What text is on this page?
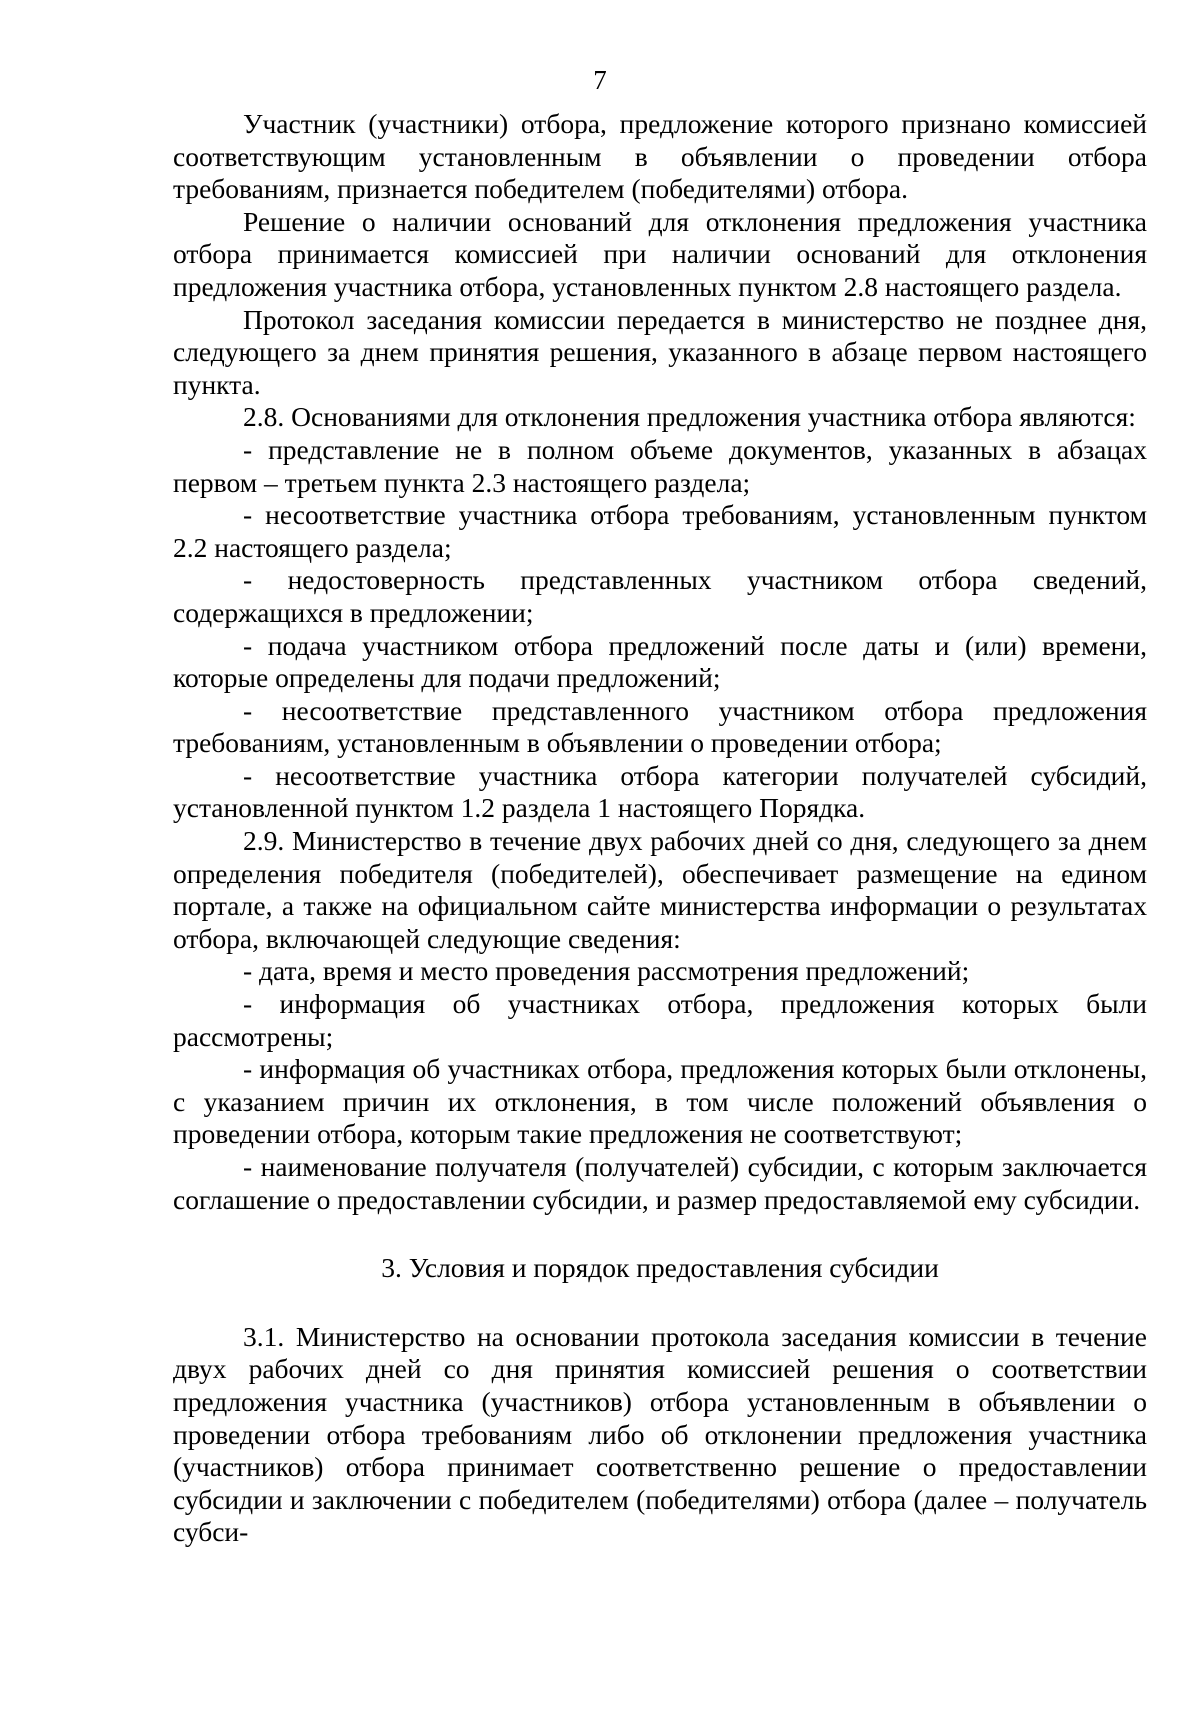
7

Участник (участники) отбора, предложение которого признано комиссией соответствующим установленным в объявлении о проведении отбора требованиям, признается победителем (победителями) отбора.

Решение о наличии оснований для отклонения предложения участника отбора принимается комиссией при наличии оснований для отклонения предложения участника отбора, установленных пунктом 2.8 настоящего раздела.

Протокол заседания комиссии передается в министерство не позднее дня, следующего за днем принятия решения, указанного в абзаце первом настоящего пункта.

2.8. Основаниями для отклонения предложения участника отбора являются:

- представление не в полном объеме документов, указанных в абзацах первом – третьем пункта 2.3 настоящего раздела;

- несоответствие участника отбора требованиям, установленным пунктом 2.2 настоящего раздела;

- недостоверность представленных участником отбора сведений, содержащихся в предложении;

- подача участником отбора предложений после даты и (или) времени, которые определены для подачи предложений;

- несоответствие представленного участником отбора предложения требованиям, установленным в объявлении о проведении отбора;

- несоответствие участника отбора категории получателей субсидий, установленной пунктом 1.2 раздела 1 настоящего Порядка.

2.9. Министерство в течение двух рабочих дней со дня, следующего за днем определения победителя (победителей), обеспечивает размещение на едином портале, а также на официальном сайте министерства информации о результатах отбора, включающей следующие сведения:

- дата, время и место проведения рассмотрения предложений;

- информация об участниках отбора, предложения которых были рассмотрены;

- информация об участниках отбора, предложения которых были отклонены, с указанием причин их отклонения, в том числе положений объявления о проведении отбора, которым такие предложения не соответствуют;

- наименование получателя (получателей) субсидии, с которым заключается соглашение о предоставлении субсидии, и размер предоставляемой ему субсидии.

3. Условия и порядок предоставления субсидии

3.1. Министерство на основании протокола заседания комиссии в течение двух рабочих дней со дня принятия комиссией решения о соответствии предложения участника (участников) отбора установленным в объявлении о проведении отбора требованиям либо об отклонении предложения участника (участников) отбора принимает соответственно решение о предоставлении субсидии и заключении с победителем (победителями) отбора (далее – получатель субси-
